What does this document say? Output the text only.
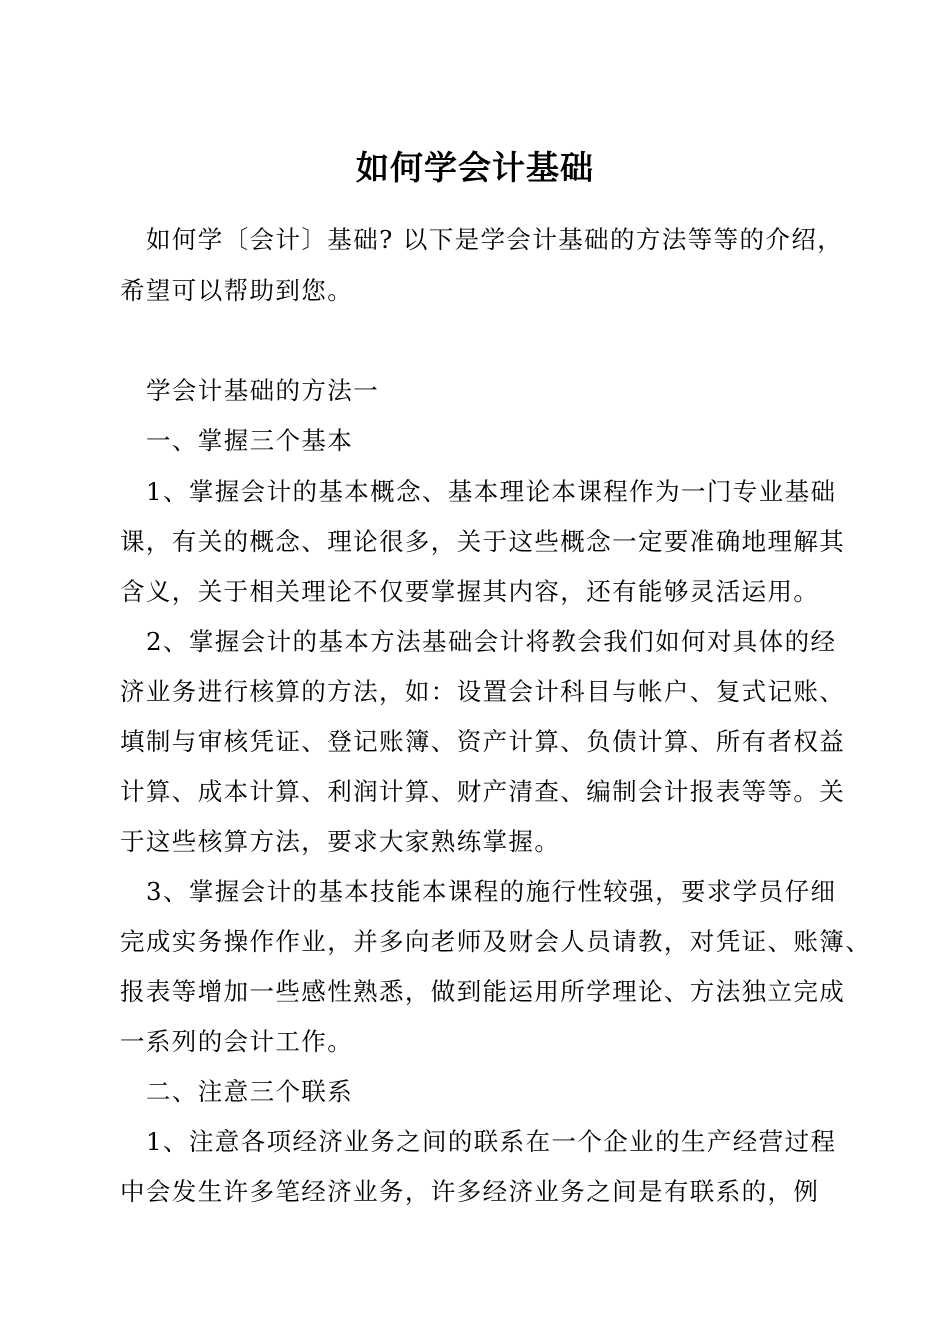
如何学会计基础
如何学〔会计〕基础? 以下是学会计基础的方法等等的介绍，
希望可以帮助到您。
学会计基础的方法一
一、掌握三个基本
1、掌握会计的基本概念、基本理论本课程作为一门专业基础
课，有关的概念、理论很多，关于这些概念一定要准确地理解其
含义，关于相关理论不仅要掌握其内容，还有能够灵活运用。
2、掌握会计的基本方法基础会计将教会我们如何对具体的经
济业务进行核算的方法，如：设置会计科目与帐户、复式记账、
填制与审核凭证、登记账簿、资产计算、负债计算、所有者权益
计算、成本计算、利润计算、财产清查、编制会计报表等等。关
于这些核算方法，要求大家熟练掌握。
3、掌握会计的基本技能本课程的施行性较强，要求学员仔细
完成实务操作作业，并多向老师及财会人员请教，对凭证、账簿、
报表等增加一些感性熟悉，做到能运用所学理论、方法独立完成
一系列的会计工作。
二、注意三个联系
1、注意各项经济业务之间的联系在一个企业的生产经营过程
中会发生许多笔经济业务，许多经济业务之间是有联系的，例
